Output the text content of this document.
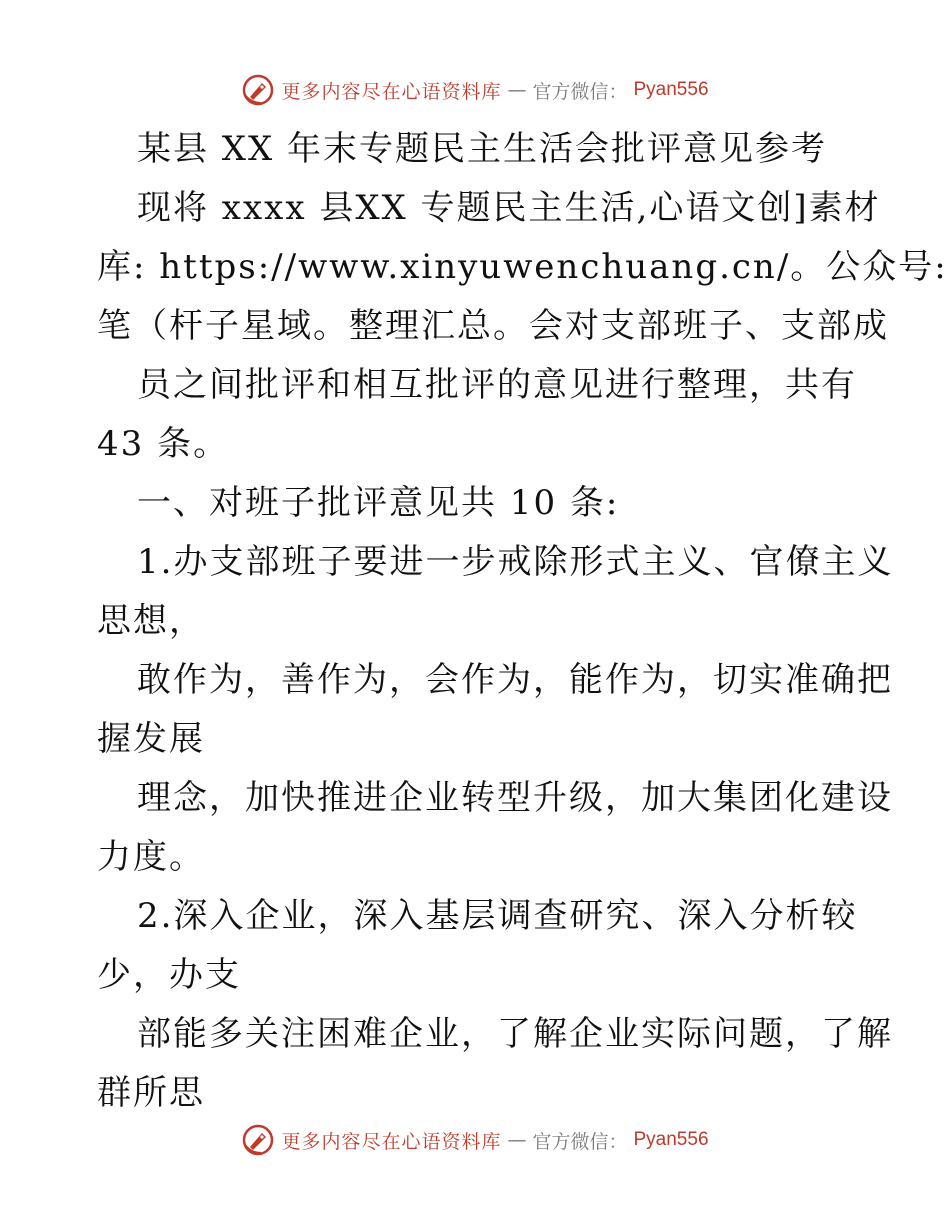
更多内容尽在心语资料库 — 官方微信： Pyan556
某县 XX 年末专题民主生活会批评意见参考
现将 xxxx 县XX 专题民主生活,心语文创]素材
库: https://www.xinyuwenchuang.cn/。公众号:
笔（杆子星域。整理汇总。会对支部班子、支部成
员之间批评和相互批评的意见进行整理，共有
43 条。
一、对班子批评意见共 10 条:
1.办支部班子要进一步戒除形式主义、官僚主义
思想，
敢作为，善作为，会作为，能作为，切实准确把
握发展
理念，加快推进企业转型升级，加大集团化建设
力度。
2.深入企业，深入基层调查研究、深入分析较
少，办支
部能多关注困难企业，了解企业实际问题，了解
群所思
更多内容尽在心语资料库 — 官方微信： Pyan556
